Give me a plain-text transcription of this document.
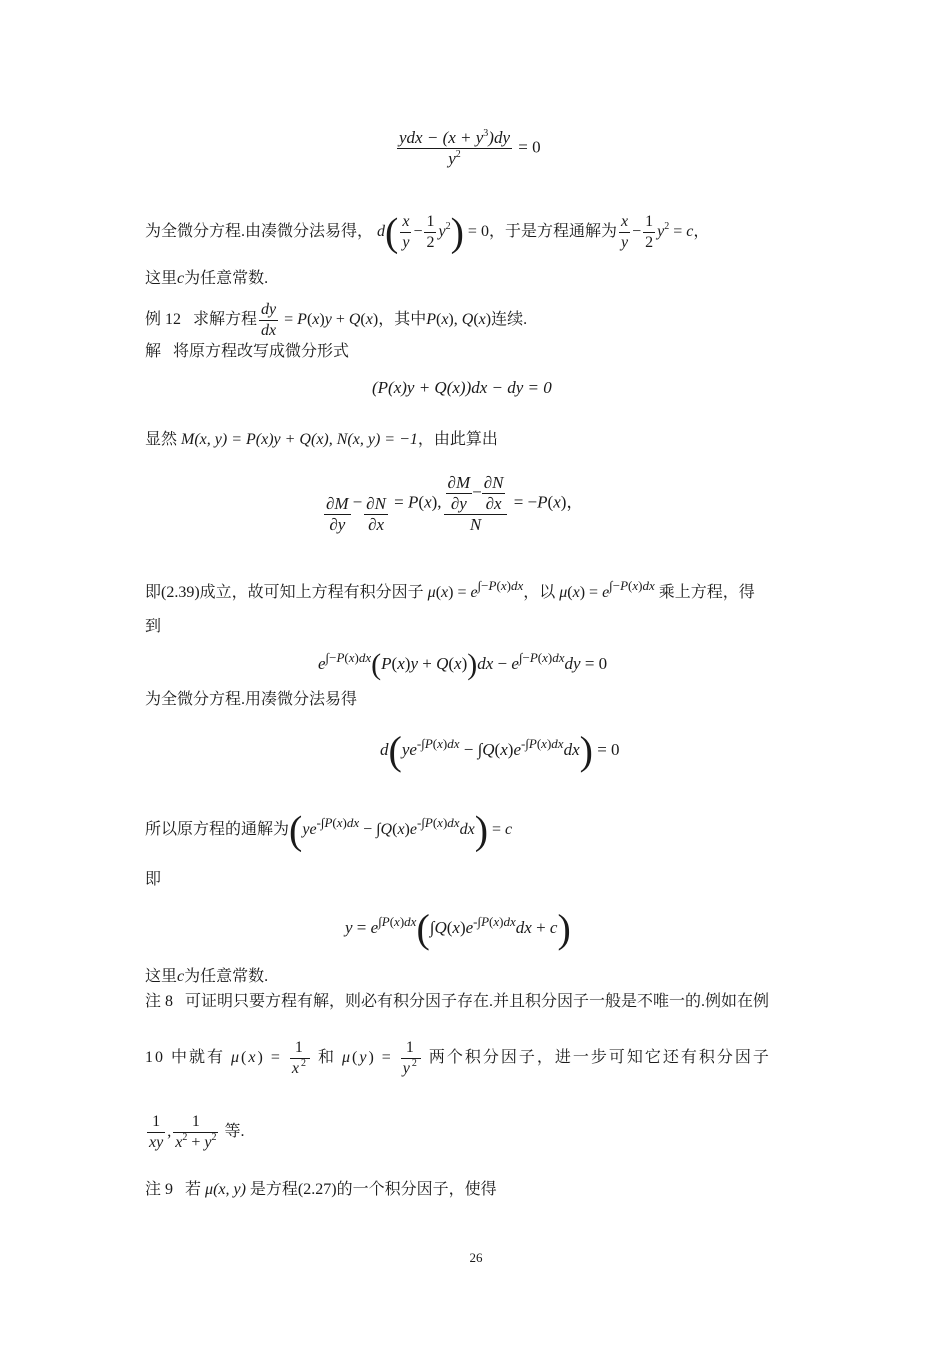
$\frac{ydx - (x + y^3)dy}{y^2} = 0$
为全微分方程.由凑微分法易得， $d( \frac{x}{y} - \frac{1}{2} y^2) = 0$，于是方程通解为 $\frac{x}{y} - \frac{1}{2} y^2 = c$，
这里c为任意常数.
例 12 求解方程 $\frac{dy}{dx} = P(x)y + Q(x)$，其中P(x), Q(x)连续.
解 将原方程改写成微分形式
(P(x)y + Q(x))dx − dy = 0
显然 M(x, y) = P(x)y + Q(x), N(x, y) = −1，由此算出
$\frac{\partial M}{\partial y} - \frac{\partial N}{\partial x} = P(x)$, $\frac{\frac{\partial M}{\partial y} - \frac{\partial N}{\partial x}}{N} = -P(x)$，
即(2.39)成立，故可知上方程有积分因子 $\mu(x) = e^{\int-P(x)dx}$，以 $\mu(x) = e^{\int-P(x)dx}$ 乘上方程，得
到
$e^{\int-P(x)dx}(P(x)y + Q(x))dx - e^{\int-P(x)dx}dy = 0$
为全微分方程.用凑微分法易得
$d(ye^{-\int P(x)dx} - \int Q(x)e^{-\int P(x)dx}dx) = 0$
所以原方程的通解为$(ye^{-\int P(x)dx} - \int Q(x)e^{-\int P(x)dx}dx) = c$
即
$y = e^{\int P(x)dx}(\int Q(x)e^{-\int P(x)dx}dx + c)$
这里c为任意常数.
注 8 可证明只要方程有解，则必有积分因子存在.并且积分因子一般是不唯一的.例如在例
10 中就有 $\mu(x) = \frac{1}{x^2}$ 和 $\mu(y) = \frac{1}{y^2}$ 两个积分因子，进一步可知它还有积分因子
$\frac{1}{xy}$ , $\frac{1}{x^2 + y^2}$ 等.
注 9 若 μ(x, y) 是方程(2.27)的一个积分因子，使得
26
